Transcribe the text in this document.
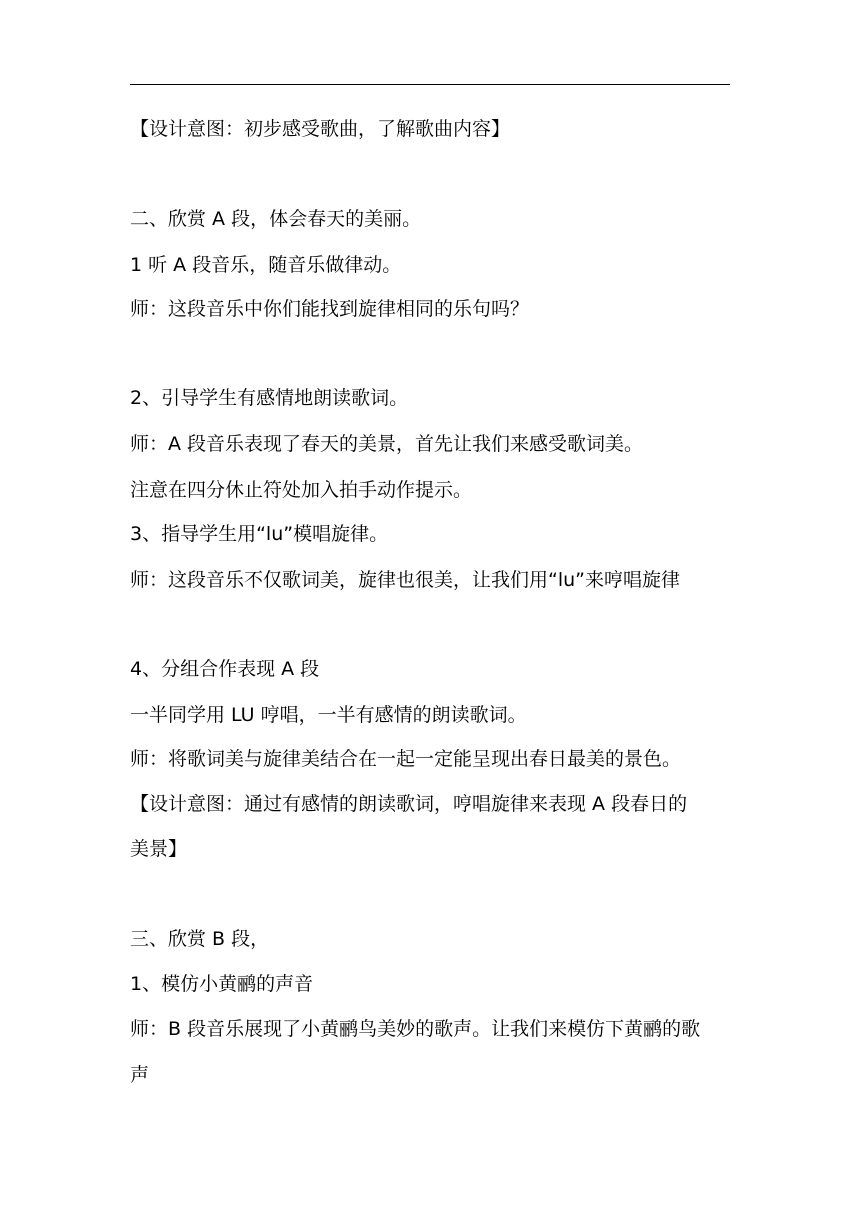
【设计意图：初步感受歌曲，了解歌曲内容】
二、欣赏 A 段，体会春天的美丽。
1 听 A 段音乐，随音乐做律动。
师：这段音乐中你们能找到旋律相同的乐句吗？
2、引导学生有感情地朗读歌词。
师：A 段音乐表现了春天的美景，首先让我们来感受歌词美。
注意在四分休止符处加入拍手动作提示。
3、指导学生用“lu”模唱旋律。
师：这段音乐不仅歌词美，旋律也很美，让我们用“lu”来哼唱旋律
4、分组合作表现 A 段
一半同学用 LU 哼唱，一半有感情的朗读歌词。
师：将歌词美与旋律美结合在一起一定能呈现出春日最美的景色。
【设计意图：通过有感情的朗读歌词，哼唱旋律来表现 A 段春日的
美景】
三、欣赏 B 段，
1、模仿小黄鹂的声音
师：B 段音乐展现了小黄鹂鸟美妙的歌声。让我们来模仿下黄鹂的歌
声
